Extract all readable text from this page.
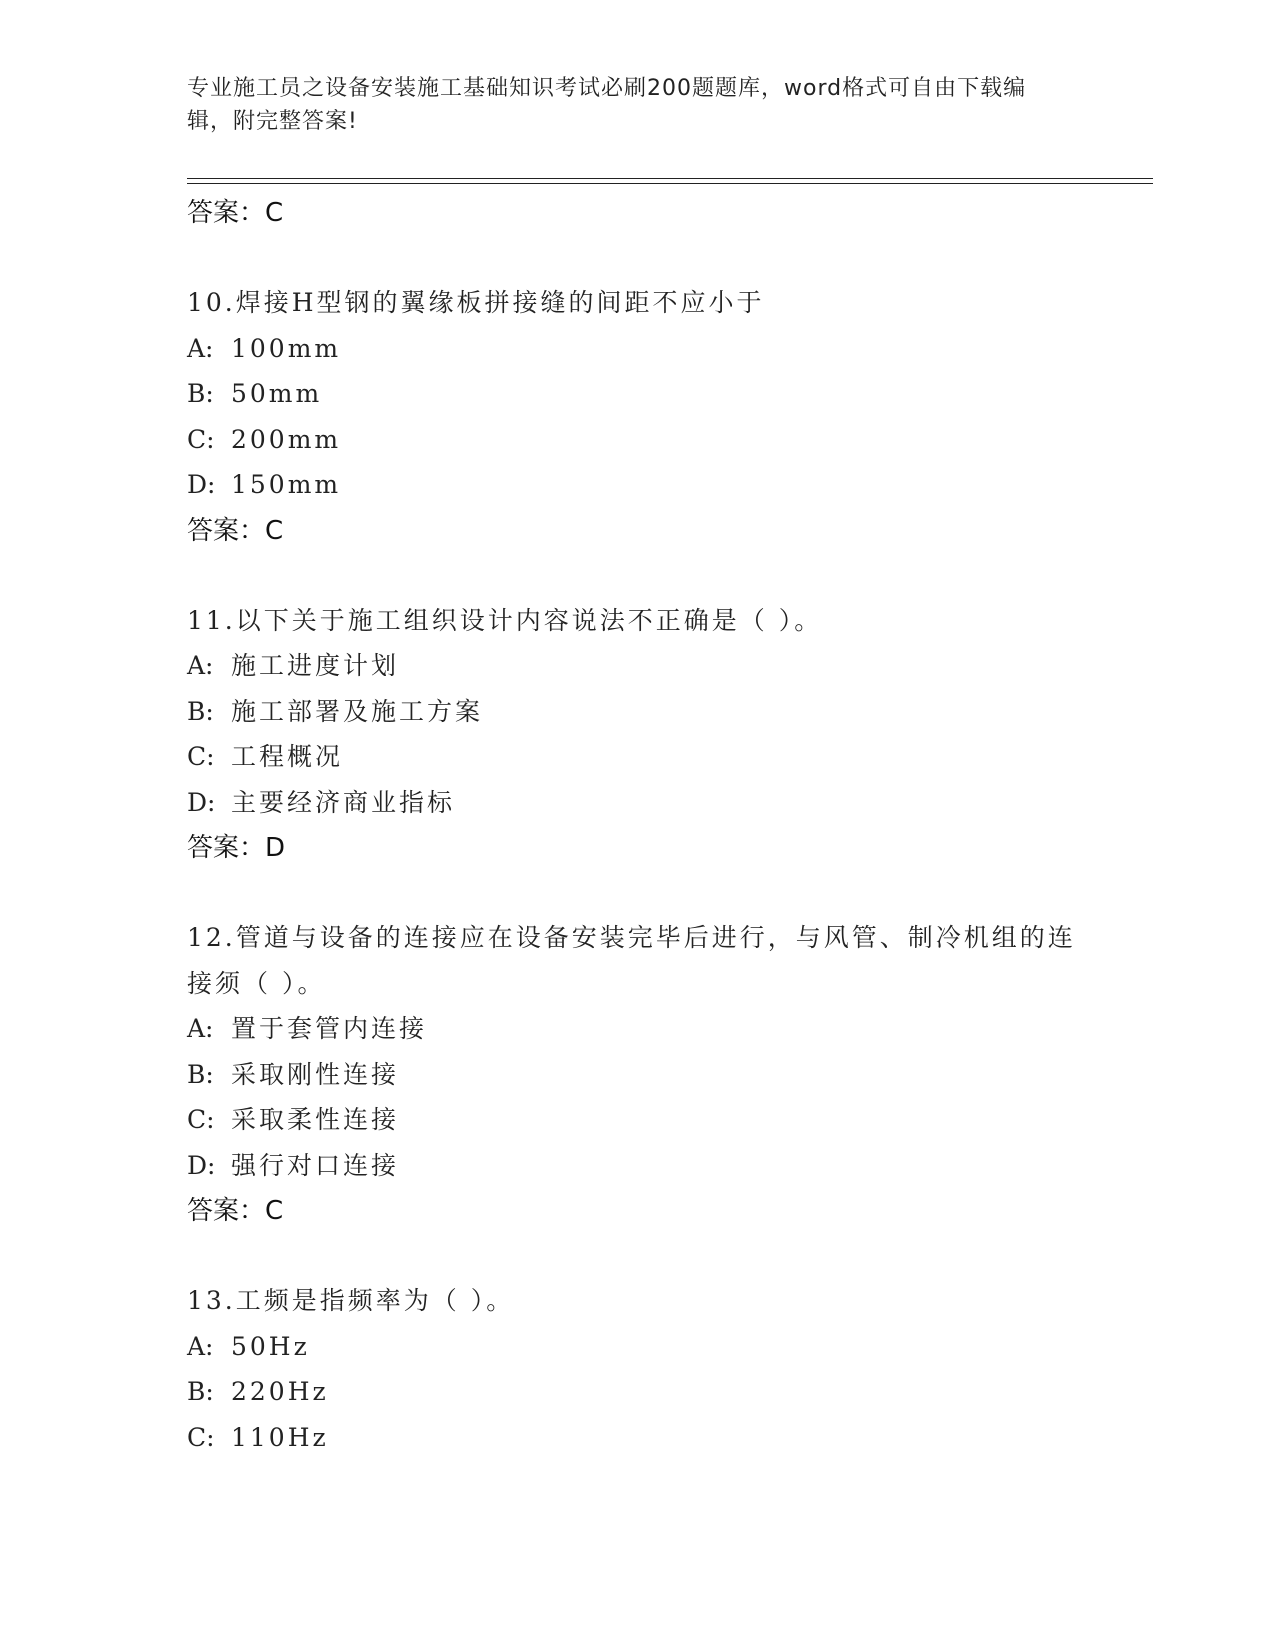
专业施工员之设备安装施工基础知识考试必刷200题题库，word格式可自由下载编辑，附完整答案!
答案：C
10.焊接H型钢的翼缘板拼接缝的间距不应小于
A: 100mm
B: 50mm
C: 200mm
D: 150mm
答案：C
11.以下关于施工组织设计内容说法不正确是（ ）。
A: 施工进度计划
B: 施工部署及施工方案
C: 工程概况
D: 主要经济商业指标
答案：D
12.管道与设备的连接应在设备安装完毕后进行，与风管、制冷机组的连接须（ ）。
A: 置于套管内连接
B: 采取刚性连接
C: 采取柔性连接
D: 强行对口连接
答案：C
13.工频是指频率为（ ）。
A: 50Hz
B: 220Hz
C: 110Hz
